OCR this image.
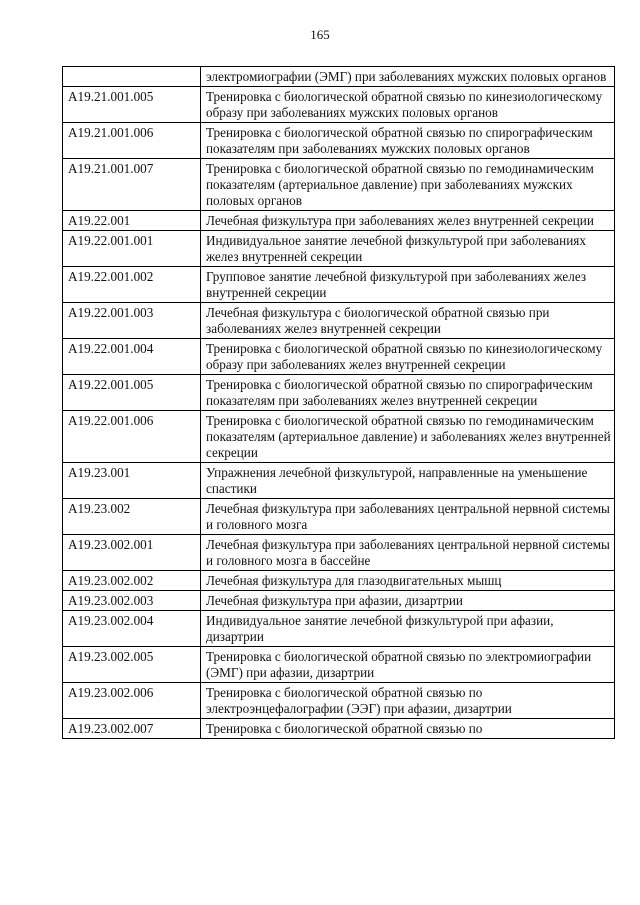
165
	электромиографии (ЭМГ) при заболеваниях мужских половых органов
A19.21.001.005	Тренировка с биологической обратной связью по кинезиологическому образу при заболеваниях мужских половых органов
A19.21.001.006	Тренировка с биологической обратной связью по спирографическим показателям при заболеваниях мужских половых органов
A19.21.001.007	Тренировка с биологической обратной связью по гемодинамическим показателям (артериальное давление) при заболеваниях мужских половых органов
A19.22.001	Лечебная физкультура при заболеваниях желез внутренней секреции
A19.22.001.001	Индивидуальное занятие лечебной физкультурой при заболеваниях желез внутренней секреции
A19.22.001.002	Групповое занятие лечебной физкультурой при заболеваниях желез внутренней секреции
A19.22.001.003	Лечебная физкультура с биологической обратной связью при заболеваниях желез внутренней секреции
A19.22.001.004	Тренировка с биологической обратной связью по кинезиологическому образу при заболеваниях желез внутренней секреции
A19.22.001.005	Тренировка с биологической обратной связью по спирографическим показателям при заболеваниях желез внутренней секреции
A19.22.001.006	Тренировка с биологической обратной связью по гемодинамическим показателям (артериальное давление) и заболеваниях желез внутренней секреции
A19.23.001	Упражнения лечебной физкультурой, направленные на уменьшение спастики
A19.23.002	Лечебная физкультура при заболеваниях центральной нервной системы и головного мозга
A19.23.002.001	Лечебная физкультура при заболеваниях центральной нервной системы и головного мозга в бассейне
A19.23.002.002	Лечебная физкультура для глазодвигательных мышц
A19.23.002.003	Лечебная физкультура при афазии, дизартрии
A19.23.002.004	Индивидуальное занятие лечебной физкультурой при афазии, дизартрии
A19.23.002.005	Тренировка с биологической обратной связью по электромиографии (ЭМГ) при афазии, дизартрии
A19.23.002.006	Тренировка с биологической обратной связью по электроэнцефалографии (ЭЭГ) при афазии, дизартрии
A19.23.002.007	Тренировка с биологической обратной связью по
